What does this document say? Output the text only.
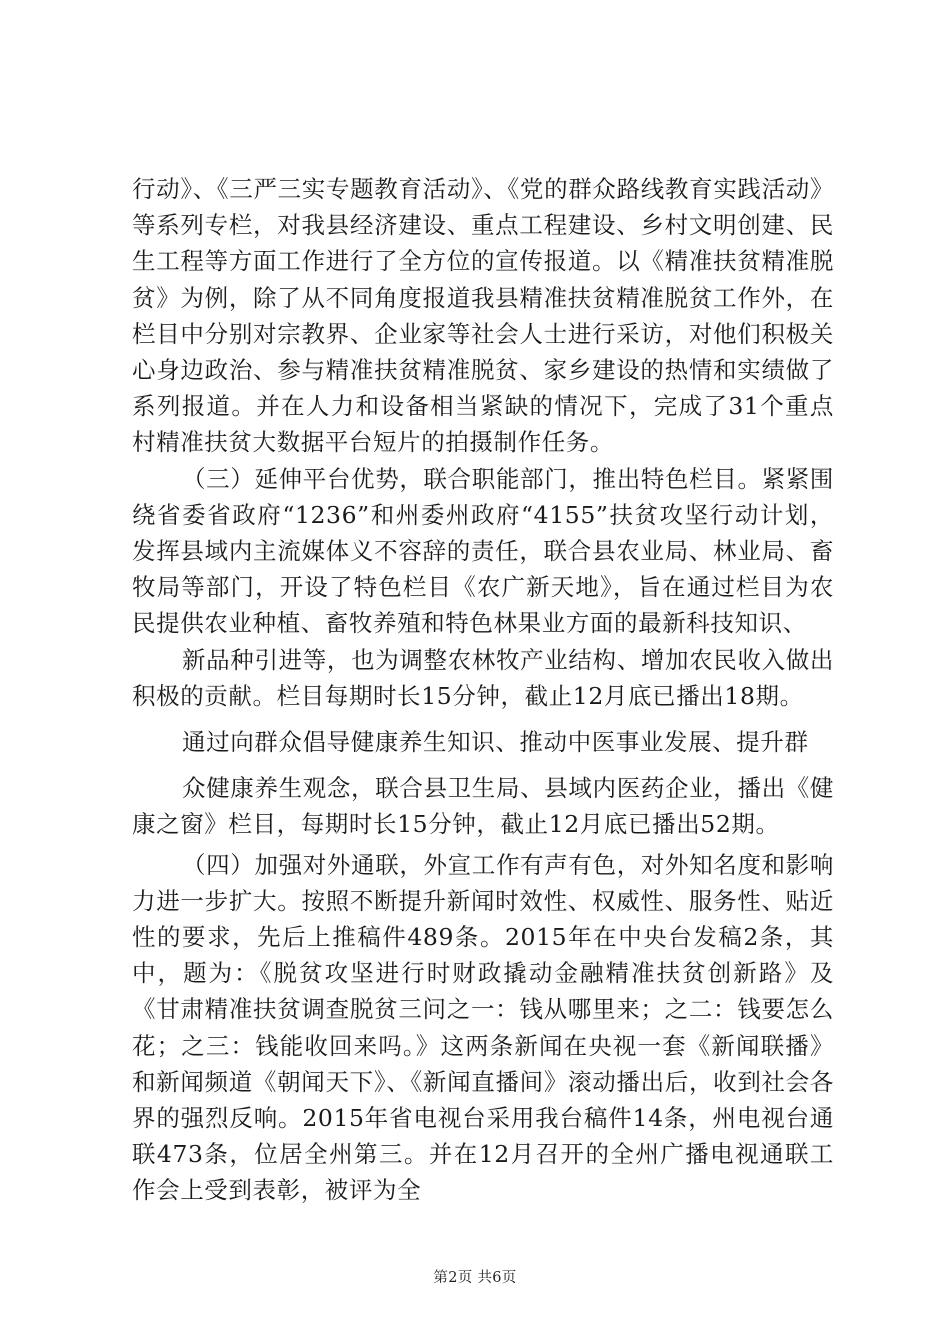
行动》、《三严三实专题教育活动》、《党的群众路线教育实践活动》等系列专栏，对我县经济建设、重点工程建设、乡村文明创建、民生工程等方面工作进行了全方位的宣传报道。以《精准扶贫精准脱贫》为例，除了从不同角度报道我县精准扶贫精准脱贫工作外，在栏目中分别对宗教界、企业家等社会人士进行采访，对他们积极关心身边政治、参与精准扶贫精准脱贫、家乡建设的热情和实绩做了系列报道。并在人力和设备相当紧缺的情况下，完成了31个重点村精准扶贫大数据平台短片的拍摄制作任务。

（三）延伸平台优势，联合职能部门，推出特色栏目。紧紧围绕省委省政府“1236”和州委州政府“4155”扶贫攻坚行动计划，发挥县域内主流媒体义不容辞的责任，联合县农业局、林业局、畜牧局等部门，开设了特色栏目《农广新天地》，旨在通过栏目为农民提供农业种植、畜牧养殖和特色林果业方面的最新科技知识、

新品种引进等，也为调整农林牧产业结构、增加农民收入做出积极的贡献。栏目每期时长15分钟，截止12月底已播出18期。

通过向群众倡导健康养生知识、推动中医事业发展、提升群

众健康养生观念，联合县卫生局、县域内医药企业，播出《健康之窗》栏目，每期时长15分钟，截止12月底已播出52期。

（四）加强对外通联，外宣工作有声有色，对外知名度和影响力进一步扩大。按照不断提升新闻时效性、权威性、服务性、贴近性的要求，先后上推稿件489条。2015年在中央台发稿2条，其中，题为：《脱贫攻坚进行时财政撬动金融精准扶贫创新路》及《甘肃精准扶贫调查脱贫三问之一：钱从哪里来；之二：钱要怎么花；之三：钱能收回来吗。》这两条新闻在央视一套《新闻联播》和新闻频道《朝闻天下》、《新闻直播间》滚动播出后，收到社会各界的强烈反响。2015年省电视台采用我台稿件14条，州电视台通联473条，位居全州第三。并在12月召开的全州广播电视通联工作会上受到表彰，被评为全

第2页 共6页
